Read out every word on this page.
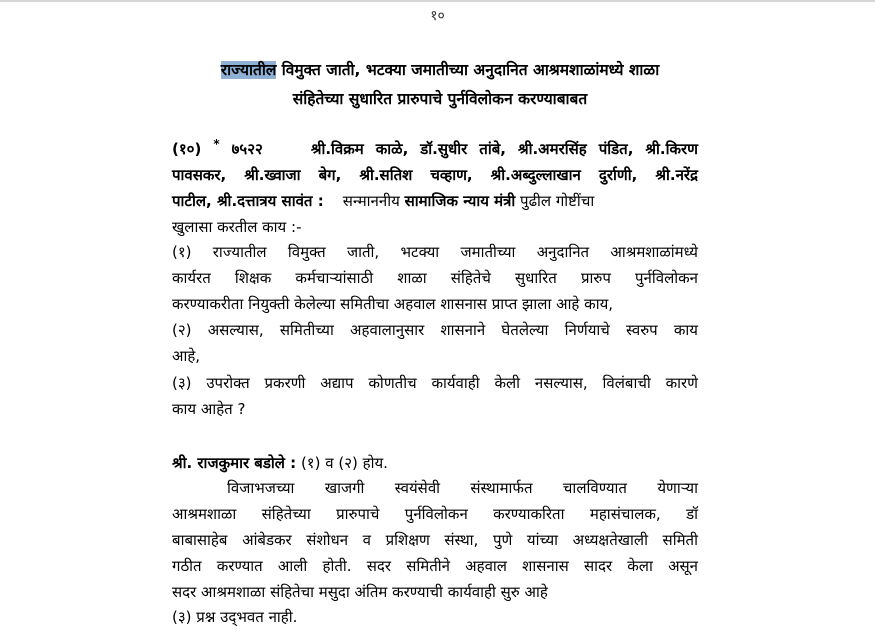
१०
राज्यातील विमुक्त जाती, भटक्या जमातीच्या अनुदानित आश्रमशाळांमध्ये शाळा
संहितेच्या सुधारित प्रारुपाचे पुर्नविलोकन करण्याबाबत
(१०) * ७५२२	श्री.विक्रम काळे, डॉ.सुधीर तांबे, श्री.अमरसिंह पंडित, श्री.किरण
पावसकर, श्री.ख्वाजा बेग, श्री.सतिश चव्हाण, श्री.अब्दुल्लाखान दुर्राणी, श्री.नरेंद्र
पाटील, श्री.दत्तात्रय सावंत : सन्माननीय सामाजिक न्याय मंत्री पुढील गोष्टींचा
खुलासा करतील काय :-
(१) राज्यातील विमुक्त जाती, भटक्या जमातीच्या अनुदानित आश्रमशाळांमध्ये
कार्यरत शिक्षक कर्मचाऱ्यांसाठी शाळा संहितेचे सुधारित प्रारुप पुर्नविलोकन
करण्याकरीता नियुक्ती केलेल्या समितीचा अहवाल शासनास प्राप्त झाला आहे काय,
(२) असल्यास, समितीच्या अहवालानुसार शासनाने घेतलेल्या निर्णयाचे स्वरुप काय
आहे,
(३) उपरोक्त प्रकरणी अद्याप कोणतीच कार्यवाही केली नसल्यास, विलंबाची कारणे
काय आहेत ?
श्री. राजकुमार बडोले : (१) व (२) होय.
विजाभजच्या खाजगी स्वयंसेवी संस्थामार्फत चालविण्यात येणाऱ्या
आश्रमशाळा संहितेच्या प्रारुपाचे पुर्नविलोकन करण्याकरिता महासंचालक, डॉ
बाबासाहेब आंबेडकर संशोधन व प्रशिक्षण संस्था, पुणे यांच्या अध्यक्षतेखाली समिती
गठीत करण्यात आली होती. सदर समितीने अहवाल शासनास सादर केला असून
सदर आश्रमशाळा संहितेचा मसुदा अंतिम करण्याची कार्यवाही सुरु आहे
(३) प्रश्न उद्‌भवत नाही.
